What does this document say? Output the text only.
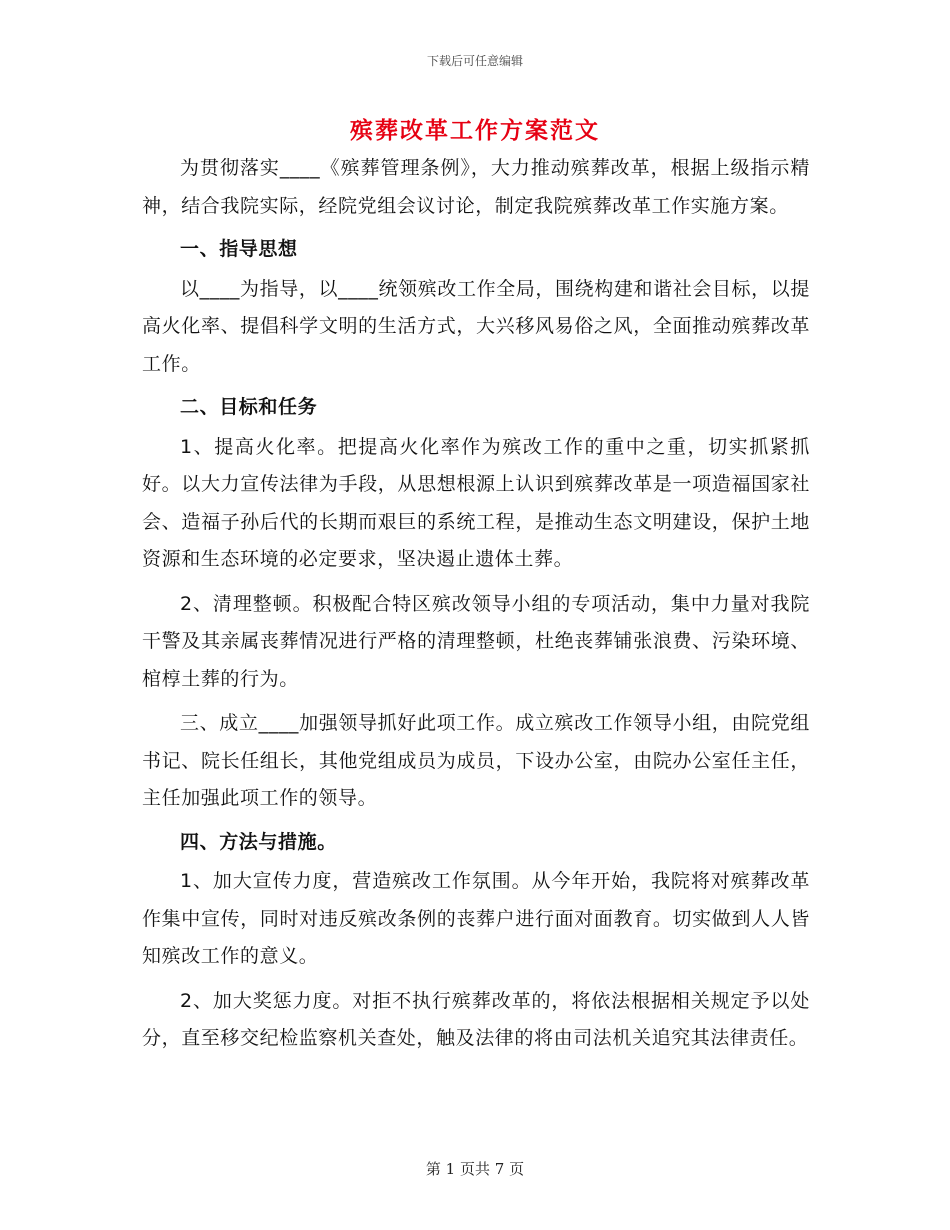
下载后可任意编辑
殡葬改革工作方案范文

为贯彻落实____《殡葬管理条例》，大力推动殡葬改革，根据上级指示精神，结合我院实际，经院党组会议讨论，制定我院殡葬改革工作实施方案。

一、指导思想

以____为指导，以____统领殡改工作全局，围绕构建和谐社会目标，以提高火化率、提倡科学文明的生活方式，大兴移风易俗之风，全面推动殡葬改革工作。

二、目标和任务

1、提高火化率。把提高火化率作为殡改工作的重中之重，切实抓紧抓好。以大力宣传法律为手段，从思想根源上认识到殡葬改革是一项造福国家社会、造福子孙后代的长期而艰巨的系统工程，是推动生态文明建设，保护土地资源和生态环境的必定要求，坚决遏止遗体土葬。

2、清理整顿。积极配合特区殡改领导小组的专项活动，集中力量对我院干警及其亲属丧葬情况进行严格的清理整顿，杜绝丧葬铺张浪费、污染环境、棺椁土葬的行为。

三、成立____加强领导抓好此项工作。成立殡改工作领导小组，由院党组书记、院长任组长，其他党组成员为成员，下设办公室，由院办公室任主任，主任加强此项工作的领导。

四、方法与措施。

1、加大宣传力度，营造殡改工作氛围。从今年开始，我院将对殡葬改革作集中宣传，同时对违反殡改条例的丧葬户进行面对面教育。切实做到人人皆知殡改工作的意义。

2、加大奖惩力度。对拒不执行殡葬改革的，将依法根据相关规定予以处分，直至移交纪检监察机关查处，触及法律的将由司法机关追究其法律责任。

第 1 页共 7 页
